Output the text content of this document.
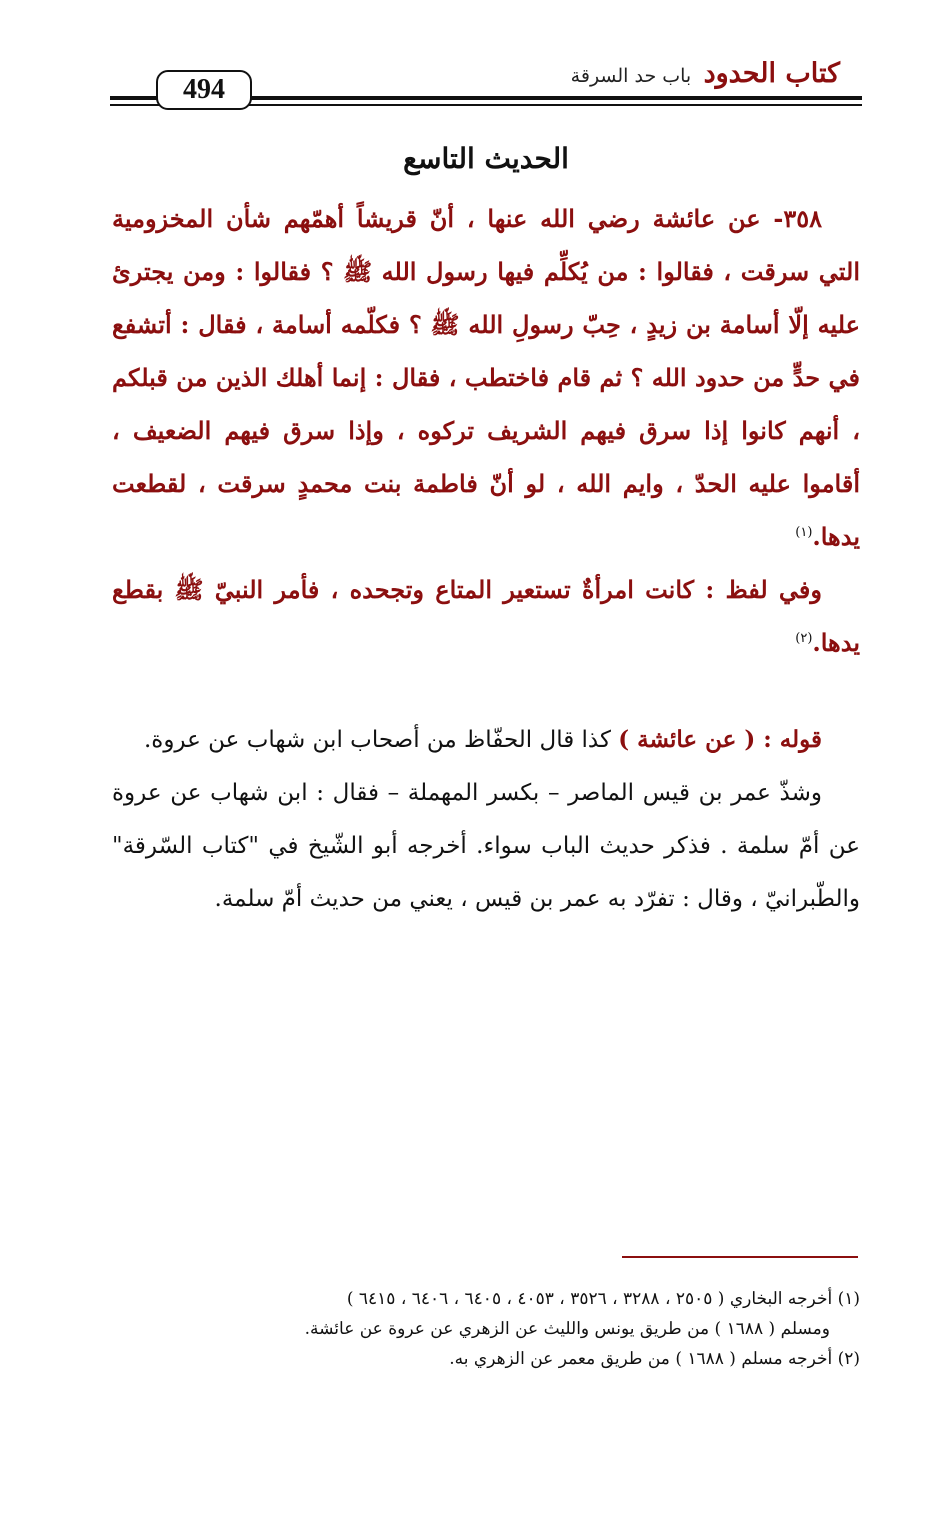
كتاب الحدود باب حد السرقة
494
الحديث التاسع

٣٥٨- عن عائشة رضي الله عنها ، أنّ قريشاً أهمّهم شأن المخزومية التي سرقت ، فقالوا : من يُكلِّم فيها رسول الله ﷺ ؟ فقالوا : ومن يجترئ عليه إلّا أسامة بن زيدٍ ، حِبّ رسولِ الله ﷺ ؟ فكلّمه أسامة ، فقال : أتشفع في حدٍّ من حدود الله ؟ ثم قام فاختطب ، فقال : إنما أهلك الذين من قبلكم ، أنهم كانوا إذا سرق فيهم الشريف تركوه ، وإذا سرق فيهم الضعيف ، أقاموا عليه الحدّ ، وايم الله ، لو أنّ فاطمة بنت محمدٍ سرقت ، لقطعت يدها.$^{(١)}$

وفي لفظ : كانت امرأةٌ تستعير المتاع وتجحده ، فأمر النبيّ ﷺ بقطع يدها.$^{(٢)}$

قوله : ( عن عائشة ) كذا قال الحفّاظ من أصحاب ابن شهاب عن عروة.

وشذّ عمر بن قيس الماصر – بكسر المهملة – فقال : ابن شهاب عن عروة عن أمّ سلمة . فذكر حديث الباب سواء. أخرجه أبو الشّيخ في "كتاب السّرقة" والطّبرانيّ ، وقال : تفرّد به عمر بن قيس ، يعني من حديث أمّ سلمة.

(١) أخرجه البخاري ( ٢٥٠٥ ، ٣٢٨٨ ، ٣٥٢٦ ، ٤٠٥٣ ، ٦٤٠٥ ، ٦٤٠٦ ، ٦٤١٥ )

ومسلم ( ١٦٨٨ ) من طريق يونس والليث عن الزهري عن عروة عن عائشة.

(٢) أخرجه مسلم ( ١٦٨٨ ) من طريق معمر عن الزهري به.
